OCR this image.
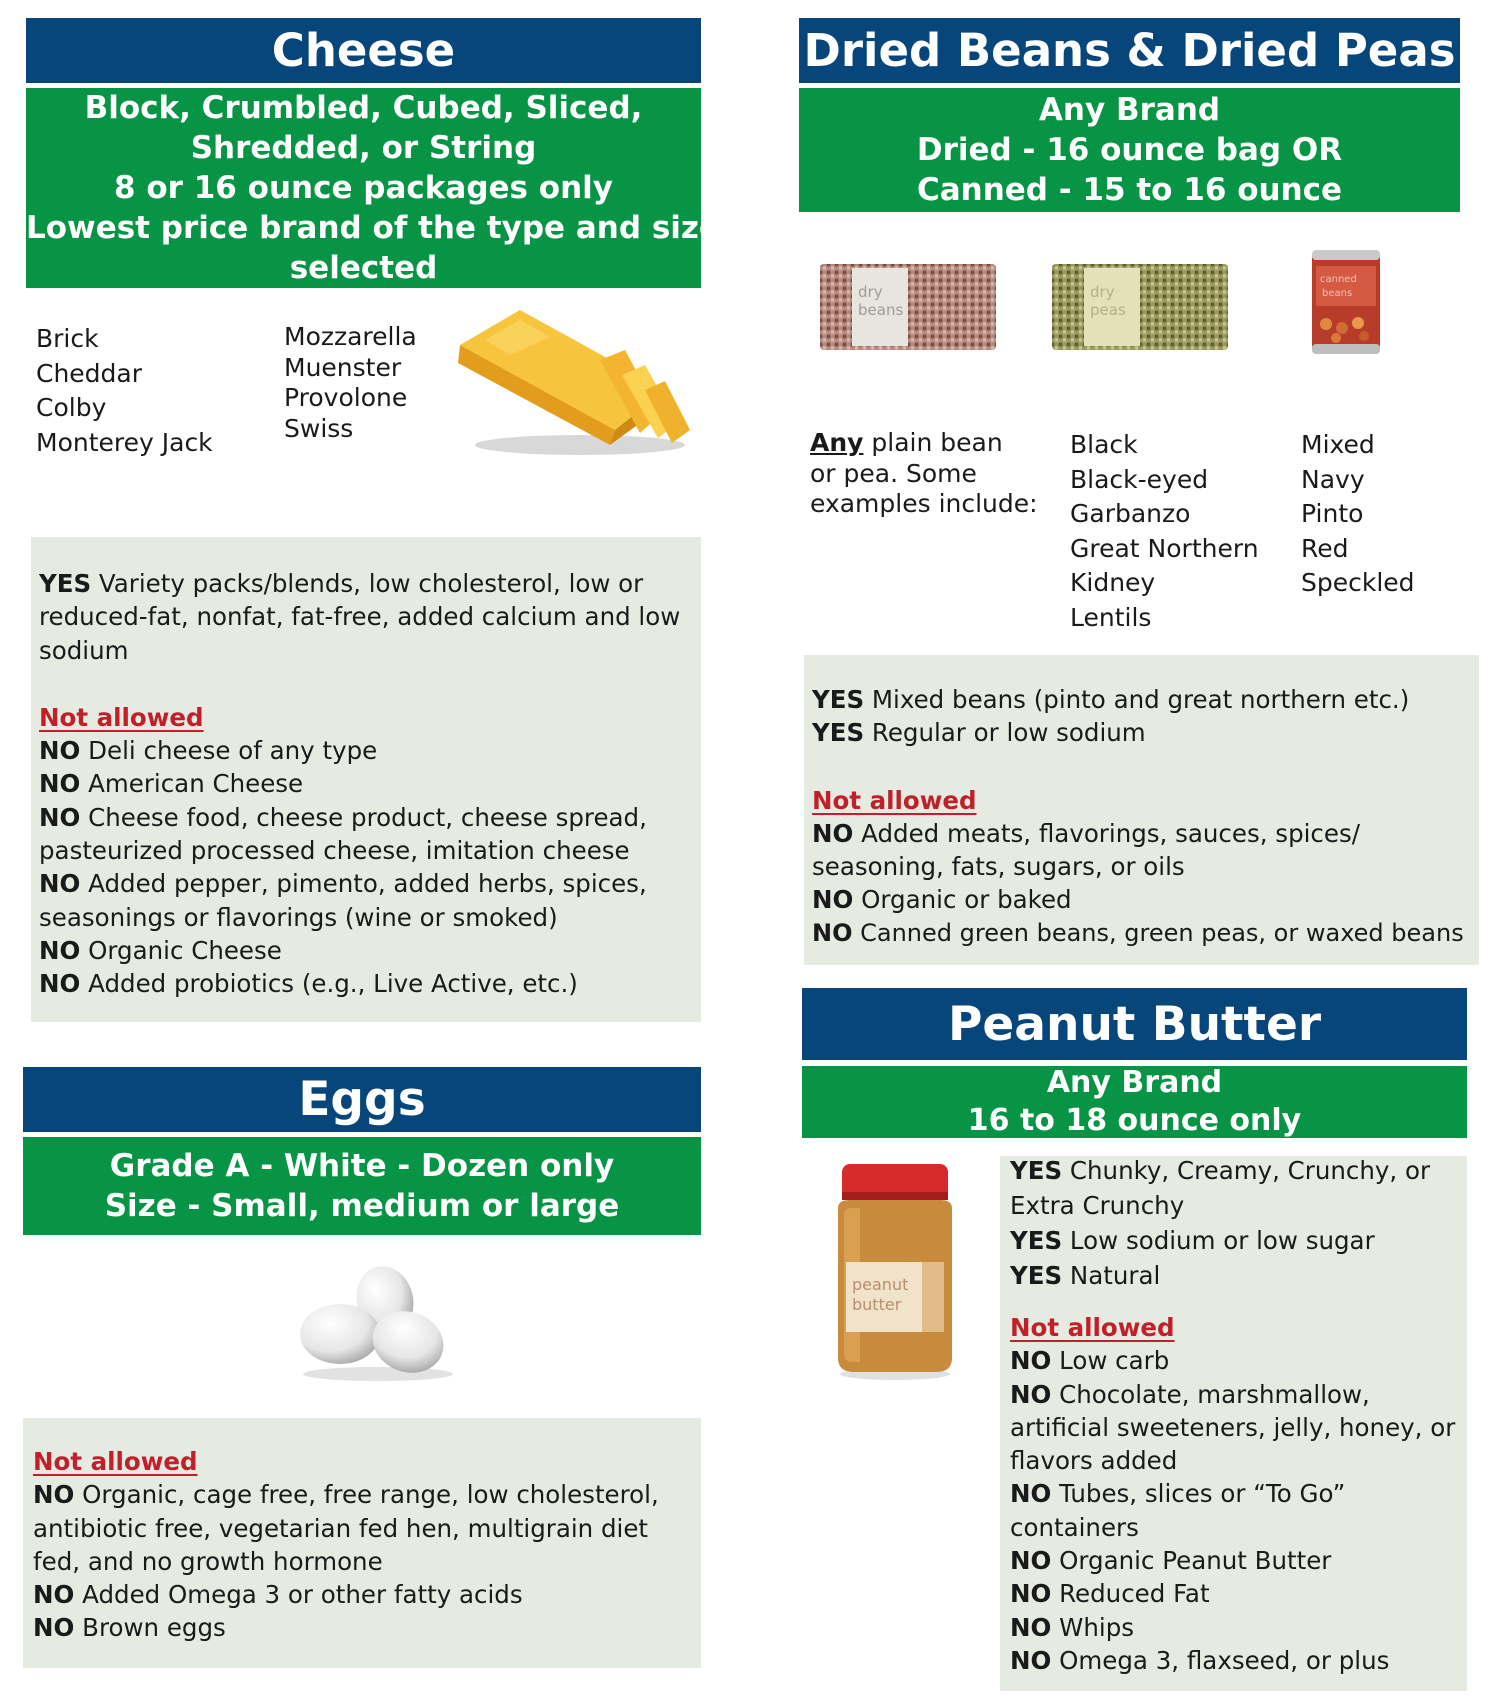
Cheese
Block, Crumbled, Cubed, Sliced,
Shredded, or String
8 or 16 ounce packages only
Lowest price brand of the type and size
selected
Brick
Cheddar
Colby
Monterey Jack
Mozzarella
Muenster
Provolone
Swiss
YES Variety packs/blends, low cholesterol, low or reduced-fat, nonfat, fat-free, added calcium and low sodium
Not allowed
NO Deli cheese of any type
NO American Cheese
NO Cheese food, cheese product, cheese spread, pasteurized processed cheese, imitation cheese
NO Added pepper, pimento, added herbs, spices, seasonings or flavorings (wine or smoked)
NO Organic Cheese
NO Added probiotics (e.g., Live Active, etc.)
Eggs
Grade A - White - Dozen only
Size - Small, medium or large
Not allowed
NO Organic, cage free, free range, low cholesterol, antibiotic free, vegetarian fed hen, multigrain diet fed, and no growth hormone
NO Added Omega 3 or other fatty acids
NO Brown eggs
Dried Beans & Dried Peas
Any Brand
Dried - 16 ounce bag OR
Canned - 15 to 16 ounce
dry
beans
dry
peas
canned
beans
Any plain bean
or pea. Some
examples include:
Black
Black-eyed
Garbanzo
Great Northern
Kidney
Lentils
Mixed
Navy
Pinto
Red
Speckled
YES Mixed beans (pinto and great northern etc.)
YES Regular or low sodium
Not allowed
NO Added meats, flavorings, sauces, spices/ seasoning, fats, sugars, or oils
NO Organic or baked
NO Canned green beans, green peas, or waxed beans
Peanut Butter
Any Brand
16 to 18 ounce only
peanut
butter
YES Chunky, Creamy, Crunchy, or Extra Crunchy
YES Low sodium or low sugar
YES Natural
Not allowed
NO Low carb
NO Chocolate, marshmallow, artificial sweeteners, jelly, honey, or flavors added
NO Tubes, slices or “To Go” containers
NO Organic Peanut Butter
NO Reduced Fat
NO Whips
NO Omega 3, flaxseed, or plus
